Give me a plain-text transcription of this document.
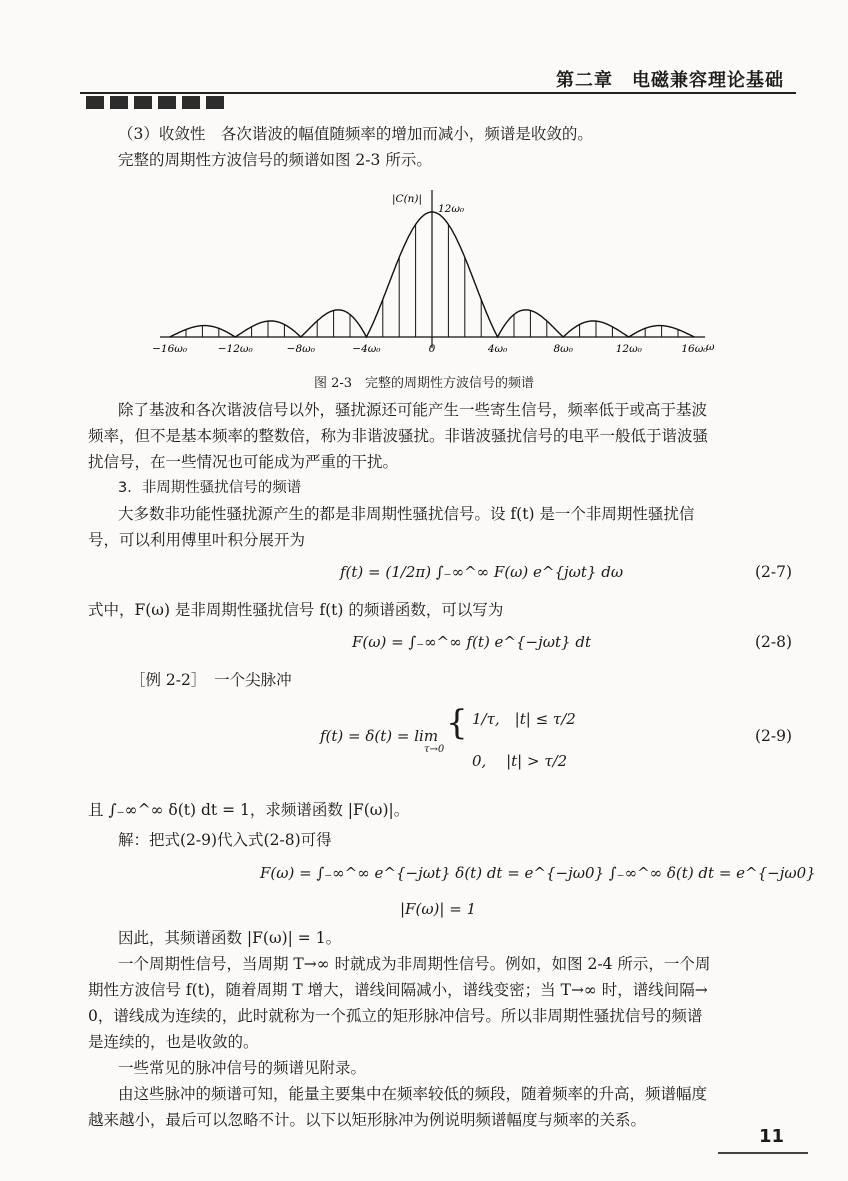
第二章　电磁兼容理论基础
（3）收敛性　各次谐波的幅值随频率的增加而减小，频谱是收敛的。
完整的周期性方波信号的频谱如图 2-3 所示。
|C(n)|
12ω₀
ω
−16ω₀	−12ω₀	−8ω₀	−4ω₀	0	4ω₀	8ω₀	12ω₀	16ω₀
图 2-3　完整的周期性方波信号的频谱
除了基波和各次谐波信号以外，骚扰源还可能产生一些寄生信号，频率低于或高于基波
频率，但不是基本频率的整数倍，称为非谐波骚扰。非谐波骚扰信号的电平一般低于谐波骚
扰信号，在一些情况也可能成为严重的干扰。
3．非周期性骚扰信号的频谱
大多数非功能性骚扰源产生的都是非周期性骚扰信号。设 f(t) 是一个非周期性骚扰信
号，可以利用傅里叶积分展开为
f(t) = (1/2π) ∫₋∞^∞ F(ω) e^{jωt} dω	(2-7)
式中，F(ω) 是非周期性骚扰信号 f(t) 的频谱函数，可以写为
F(ω) = ∫₋∞^∞ f(t) e^{−jωt} dt	(2-8)
［例 2-2］　一个尖脉冲
f(t) = δ(t) = lim
τ→0
{ 1/τ,　|t| ≤ τ/2
0,　 |t| > τ/2
(2-9)
且 ∫₋∞^∞ δ(t) dt = 1，求频谱函数 |F(ω)|。
解：把式(2-9)代入式(2-8)可得
F(ω) = ∫₋∞^∞ e^{−jωt} δ(t) dt = e^{−jω0} ∫₋∞^∞ δ(t) dt = e^{−jω0}
|F(ω)| = 1
因此，其频谱函数 |F(ω)| = 1。
一个周期性信号，当周期 T→∞ 时就成为非周期性信号。例如，如图 2-4 所示，一个周
期性方波信号 f(t)，随着周期 T 增大，谱线间隔减小，谱线变密；当 T→∞ 时，谱线间隔→
0，谱线成为连续的，此时就称为一个孤立的矩形脉冲信号。所以非周期性骚扰信号的频谱
是连续的，也是收敛的。
一些常见的脉冲信号的频谱见附录。
由这些脉冲的频谱可知，能量主要集中在频率较低的频段，随着频率的升高，频谱幅度
越来越小，最后可以忽略不计。以下以矩形脉冲为例说明频谱幅度与频率的关系。
11
